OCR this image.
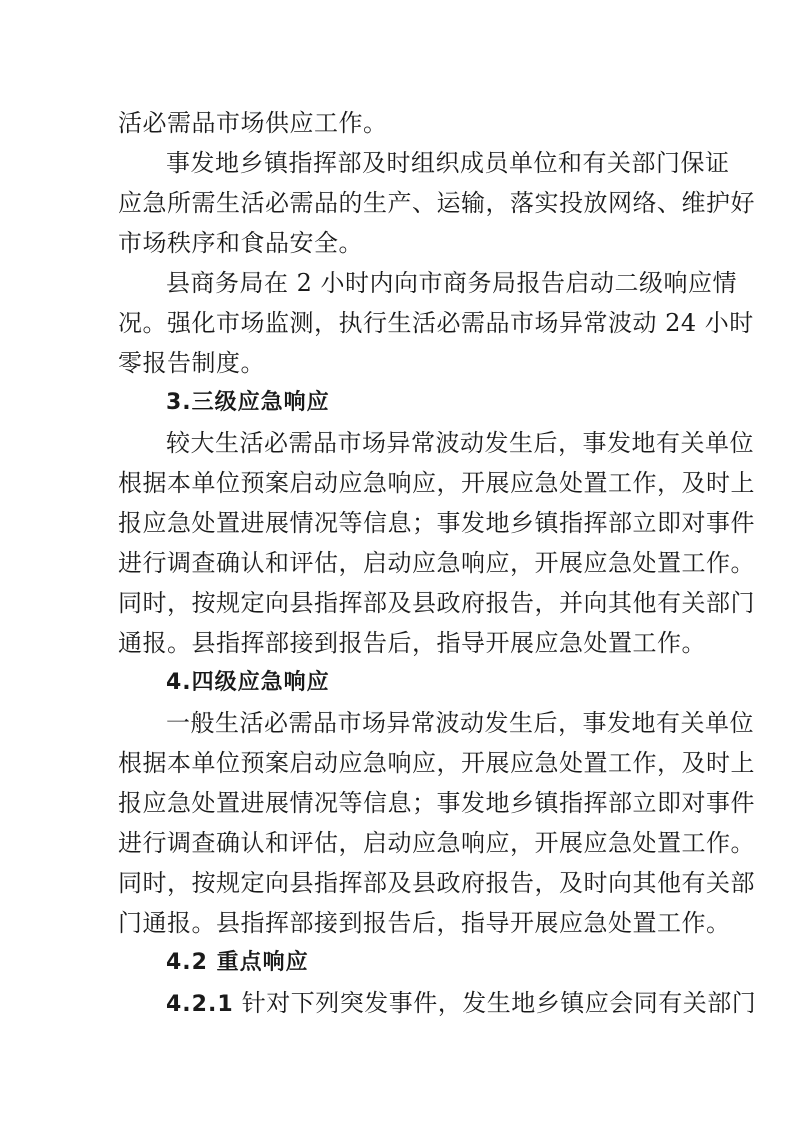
活必需品市场供应工作。
事发地乡镇指挥部及时组织成员单位和有关部门保证
应急所需生活必需品的生产、运输，落实投放网络、维护好
市场秩序和食品安全。
县商务局在 2 小时内向市商务局报告启动二级响应情
况。强化市场监测，执行生活必需品市场异常波动 24 小时
零报告制度。
3.三级应急响应
较大生活必需品市场异常波动发生后，事发地有关单位
根据本单位预案启动应急响应，开展应急处置工作，及时上
报应急处置进展情况等信息；事发地乡镇指挥部立即对事件
进行调查确认和评估，启动应急响应，开展应急处置工作。
同时，按规定向县指挥部及县政府报告，并向其他有关部门
通报。县指挥部接到报告后，指导开展应急处置工作。
4.四级应急响应
一般生活必需品市场异常波动发生后，事发地有关单位
根据本单位预案启动应急响应，开展应急处置工作，及时上
报应急处置进展情况等信息；事发地乡镇指挥部立即对事件
进行调查确认和评估，启动应急响应，开展应急处置工作。
同时，按规定向县指挥部及县政府报告，及时向其他有关部
门通报。县指挥部接到报告后，指导开展应急处置工作。
4.2 重点响应
4.2.1 针对下列突发事件，发生地乡镇应会同有关部门
